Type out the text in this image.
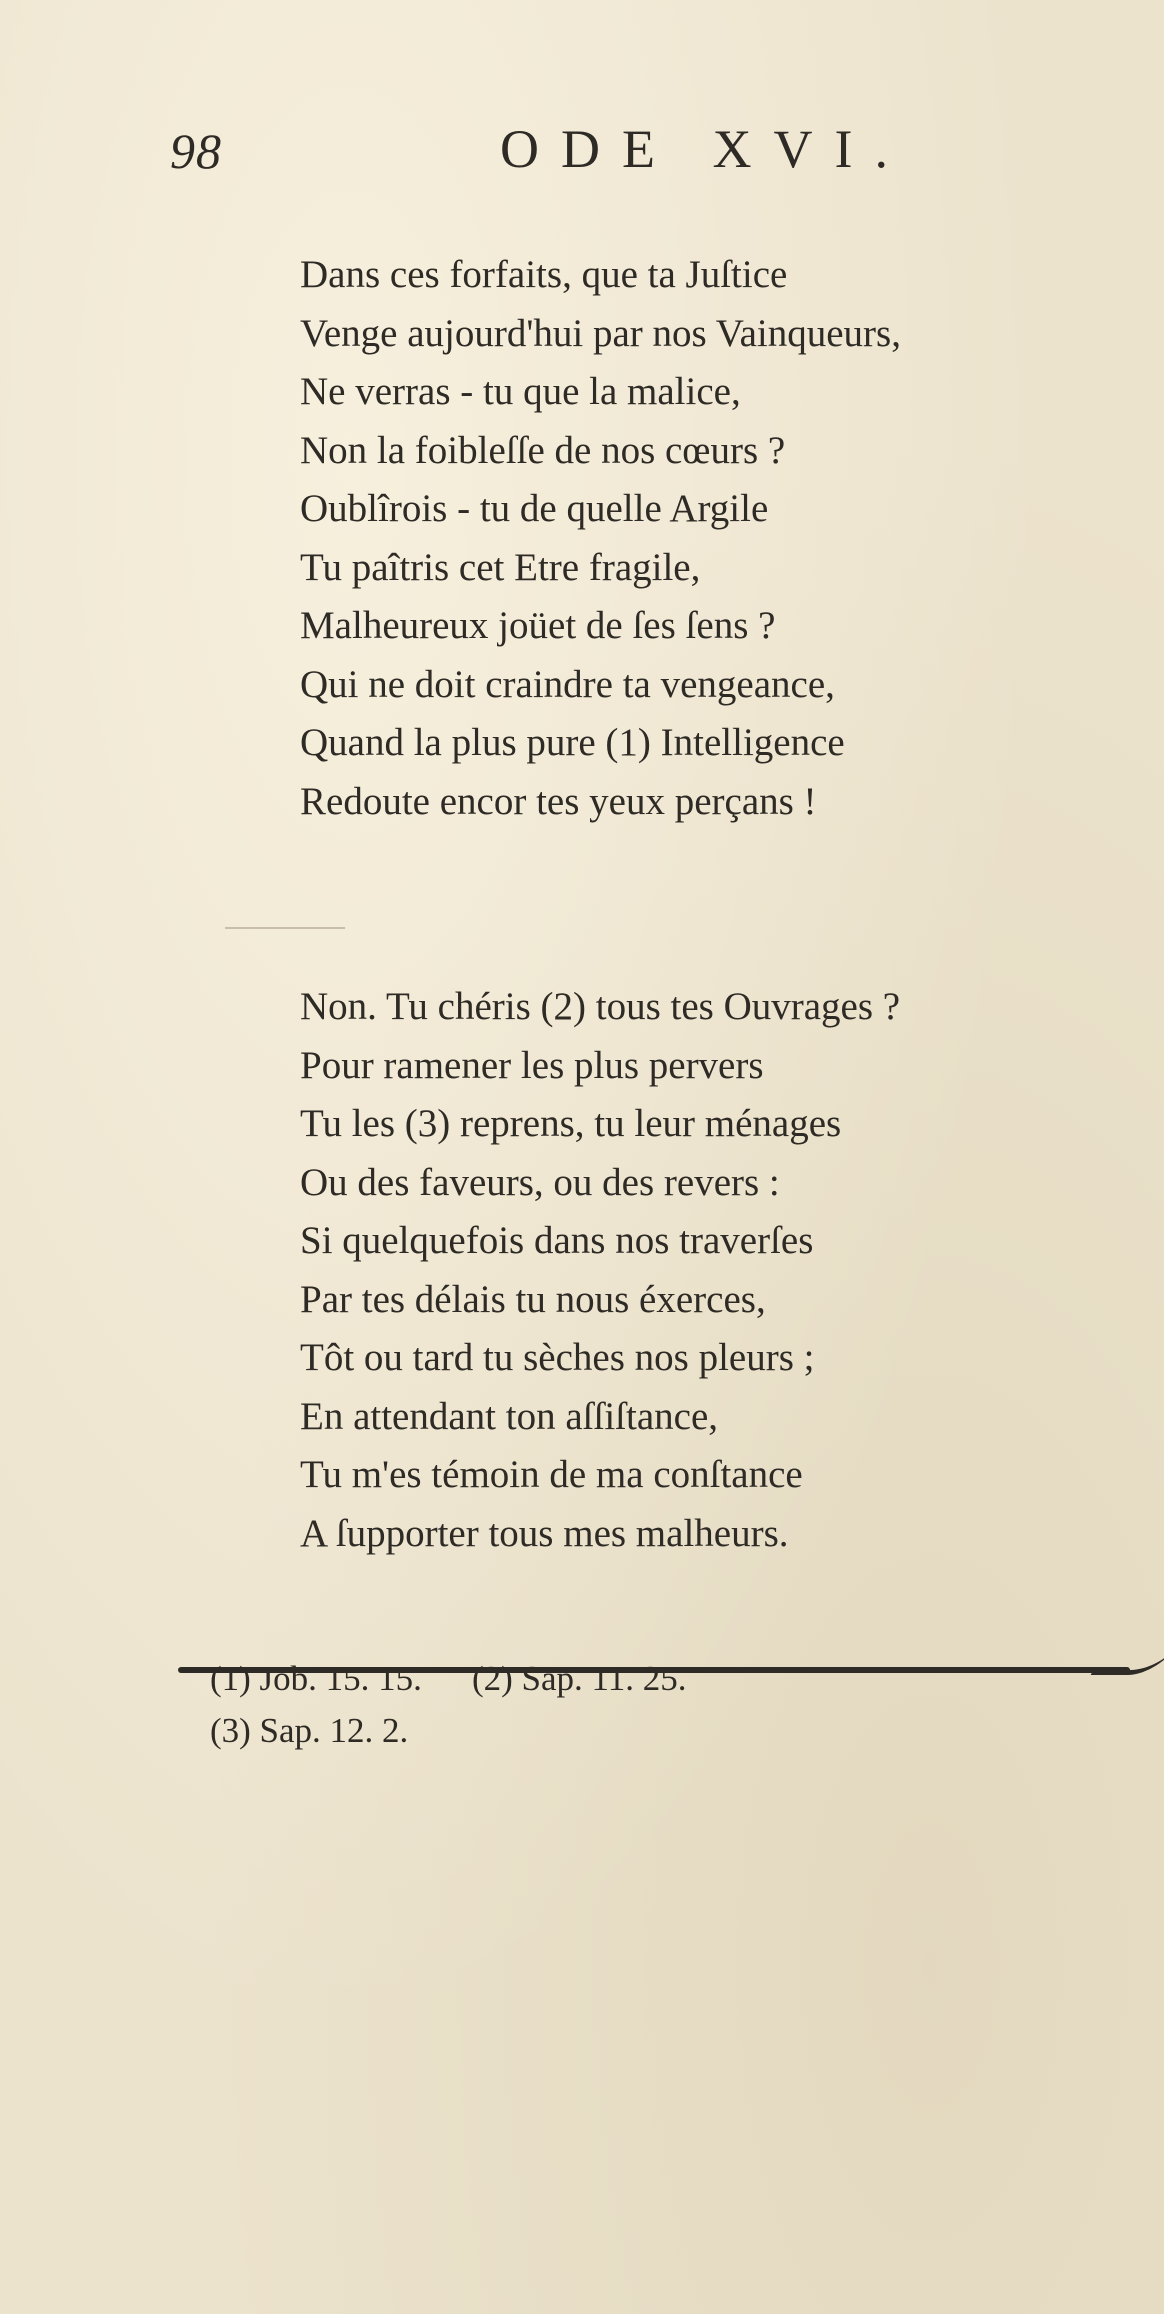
98	ODE XVI.
Dans ces forfaits, que ta Juſtice
Venge aujourd'hui par nos Vainqueurs,
Ne verras - tu que la malice,
Non la foibleſſe de nos cœurs ?
Oublîrois - tu de quelle Argile
Tu paîtris cet Etre fragile,
Malheureux joüet de ſes ſens ?
Qui ne doit craindre ta vengeance,
Quand la plus pure (1) Intelligence
Redoute encor tes yeux perçans !
Non. Tu chéris (2) tous tes Ouvrages ?
Pour ramener les plus pervers
Tu les (3) reprens, tu leur ménages
Ou des faveurs, ou des revers :
Si quelquefois dans nos traverſes
Par tes délais tu nous éxerces,
Tôt ou tard tu sèches nos pleurs ;
En attendant ton aſſiſtance,
Tu m'es témoin de ma conſtance
A ſupporter tous mes malheurs.
(1) Job. 15. 15. (2) Sap. 11. 25.
(3) Sap. 12. 2.
